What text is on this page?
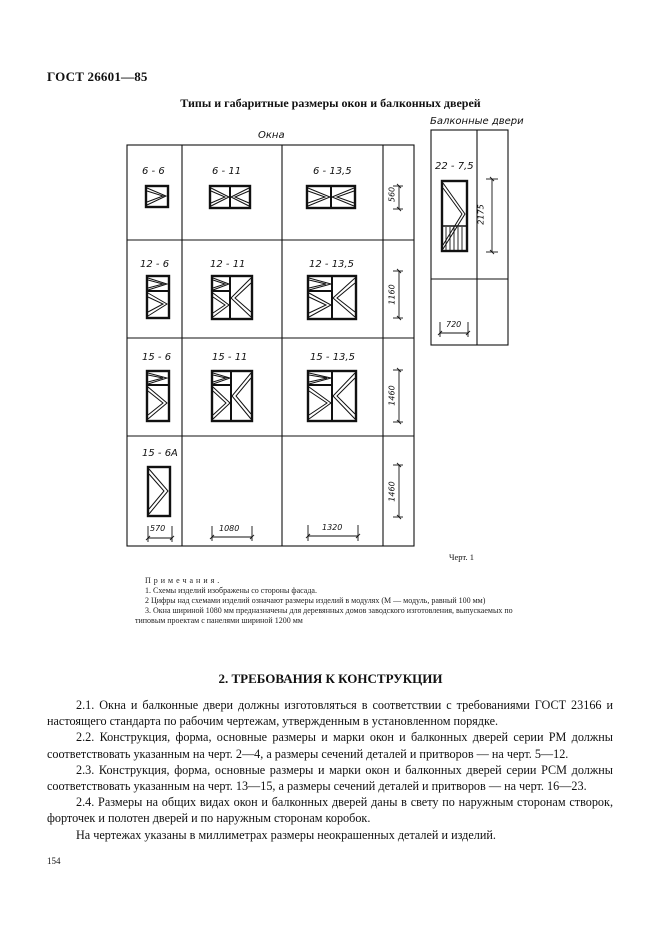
ГОСТ 26601—85
Типы и габаритные размеры окон и балконных дверей
Окна
Балконные двери
6 - 6	6 - 11	6 - 13,5
12 - 6	12 - 11	12 - 13,5
15 - 6	15 - 11	15 - 13,5
15 - 6A
560
1160
1460
1460
570	1080	1320
22 - 7,5
2175
720
Черт. 1

Примечания.

1. Схемы изделий изображены со стороны фасада.

2 Цифры над схемами изделий означают размеры изделий в модулях (М — модуль, равный 100 мм)

3. Окна шириной 1080 мм предназначены для деревянных домов заводского изготовления, выпускаемых по типовым проектам с панелями шириной 1200 мм

2. ТРЕБОВАНИЯ К КОНСТРУКЦИИ

2.1. Окна и балконные двери должны изготовляться в соответствии с требованиями ГОСТ 23166 и настоящего стандарта по рабочим чертежам, утвержденным в установленном порядке.

2.2. Конструкция, форма, основные размеры и марки окон и балконных дверей серии РМ должны соответствовать указанным на черт. 2—4, а размеры сечений деталей и притворов — на черт. 5—12.

2.3. Конструкция, форма, основные размеры и марки окон и балконных дверей серии РСМ должны соответствовать указанным на черт. 13—15, а размеры сечений деталей и притворов — на черт. 16—23.

2.4. Размеры на общих видах окон и балконных дверей даны в свету по наружным сторонам створок, форточек и полотен дверей и по наружным сторонам коробок.

На чертежах указаны в миллиметрах размеры неокрашенных деталей и изделий.

154
